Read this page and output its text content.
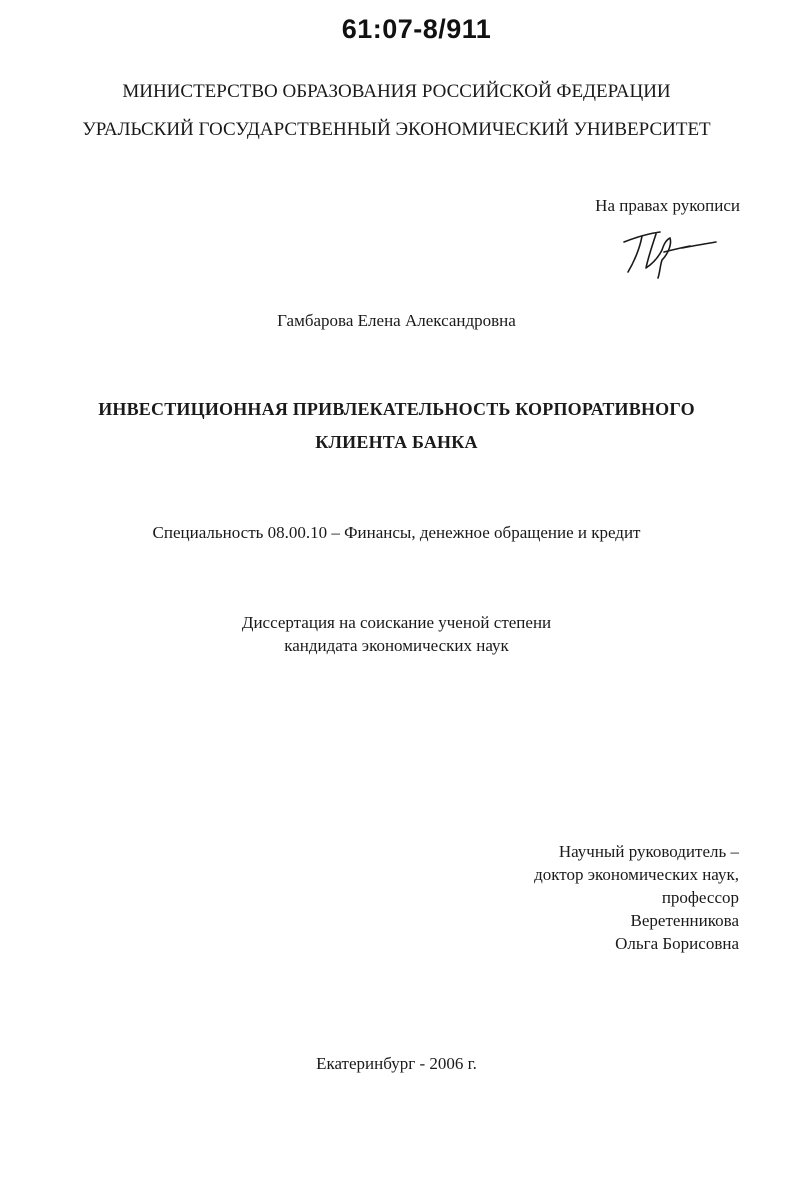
61:07-8/911
МИНИСТЕРСТВО ОБРАЗОВАНИЯ РОССИЙСКОЙ ФЕДЕРАЦИИ
УРАЛЬСКИЙ ГОСУДАРСТВЕННЫЙ ЭКОНОМИЧЕСКИЙ УНИВЕРСИТЕТ
На правах рукописи
Гамбарова Елена Александровна
ИНВЕСТИЦИОННАЯ ПРИВЛЕКАТЕЛЬНОСТЬ КОРПОРАТИВНОГО
КЛИЕНТА БАНКА
Специальность 08.00.10 – Финансы, денежное обращение и кредит
Диссертация на соискание ученой степени
кандидата экономических наук
Научный руководитель –
доктор экономических наук,
профессор
Веретенникова
Ольга Борисовна
Екатеринбург - 2006 г.
